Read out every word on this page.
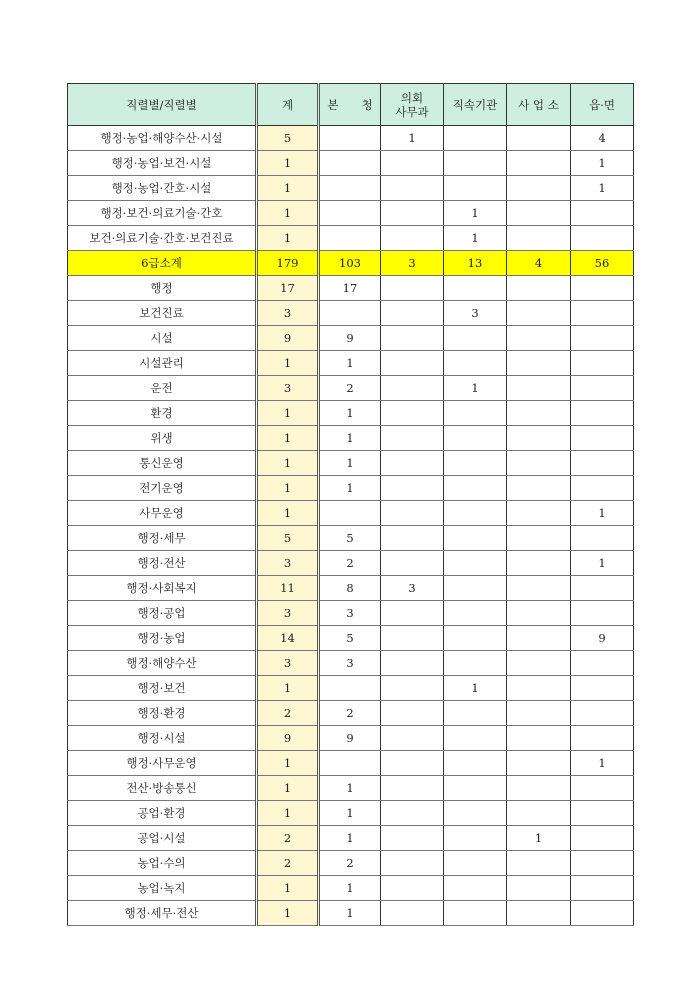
직렬별/직렬별	계	본　　청	의회
사무과	직속기관	사 업 소	읍·면
행정·농업·해양수산·시설	5		1			4
행정·농업·보건·시설	1					1
행정·농업·간호·시설	1					1
행정·보건·의료기술·간호	1			1		
보건·의료기술·간호·보건진료	1			1		
6급소계	179	103	3	13	4	56
행정	17	17				
보건진료	3			3		
시설	9	9				
시설관리	1	1				
운전	3	2		1		
환경	1	1				
위생	1	1				
통신운영	1	1				
전기운영	1	1				
사무운영	1					1
행정·세무	5	5				
행정·전산	3	2				1
행정·사회복지	11	8	3			
행정·공업	3	3				
행정·농업	14	5				9
행정·해양수산	3	3				
행정·보건	1			1		
행정·환경	2	2				
행정·시설	9	9				
행정·사무운영	1					1
전산·방송통신	1	1				
공업·환경	1	1				
공업·시설	2	1			1	
농업·수의	2	2				
농업·녹지	1	1				
행정·세무·전산	1	1				
